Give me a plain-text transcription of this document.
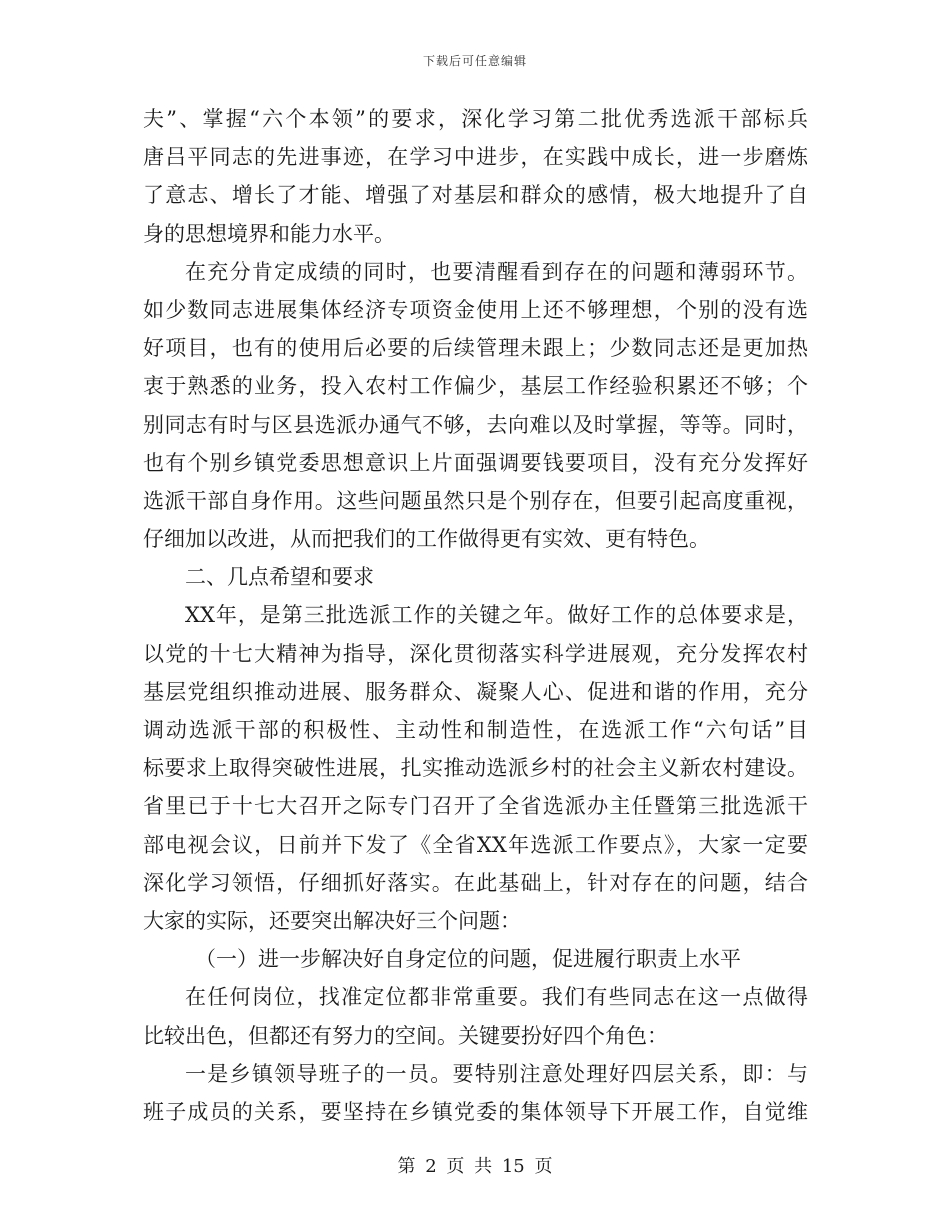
下载后可任意编辑
夫”、掌握“六个本领”的要求，深化学习第二批优秀选派干部标兵
唐吕平同志的先进事迹，在学习中进步，在实践中成长，进一步磨炼
了意志、增长了才能、增强了对基层和群众的感情，极大地提升了自
身的思想境界和能力水平。
在充分肯定成绩的同时，也要清醒看到存在的问题和薄弱环节。
如少数同志进展集体经济专项资金使用上还不够理想，个别的没有选
好项目，也有的使用后必要的后续管理未跟上；少数同志还是更加热
衷于熟悉的业务，投入农村工作偏少，基层工作经验积累还不够；个
别同志有时与区县选派办通气不够，去向难以及时掌握，等等。同时，
也有个别乡镇党委思想意识上片面强调要钱要项目，没有充分发挥好
选派干部自身作用。这些问题虽然只是个别存在，但要引起高度重视，
仔细加以改进，从而把我们的工作做得更有实效、更有特色。
二、几点希望和要求
XX年，是第三批选派工作的关键之年。做好工作的总体要求是，
以党的十七大精神为指导，深化贯彻落实科学进展观，充分发挥农村
基层党组织推动进展、服务群众、凝聚人心、促进和谐的作用，充分
调动选派干部的积极性、主动性和制造性，在选派工作“六句话”目
标要求上取得突破性进展，扎实推动选派乡村的社会主义新农村建设。
省里已于十七大召开之际专门召开了全省选派办主任暨第三批选派干
部电视会议，日前并下发了《全省XX年选派工作要点》，大家一定要
深化学习领悟，仔细抓好落实。在此基础上，针对存在的问题，结合
大家的实际，还要突出解决好三个问题：
（一）进一步解决好自身定位的问题，促进履行职责上水平
在任何岗位，找准定位都非常重要。我们有些同志在这一点做得
比较出色，但都还有努力的空间。关键要扮好四个角色：
一是乡镇领导班子的一员。要特别注意处理好四层关系，即：与
班子成员的关系，要坚持在乡镇党委的集体领导下开展工作，自觉维
第 2 页 共 15 页
